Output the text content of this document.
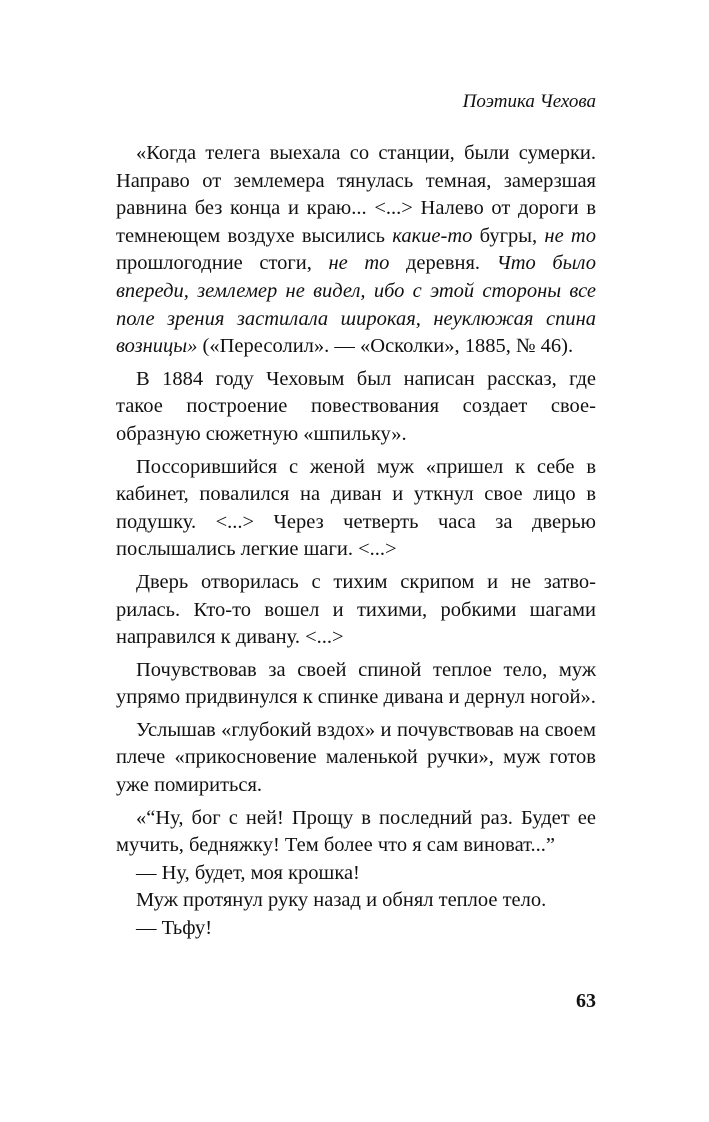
Поэтика Чехова

«Когда телега выехала со станции, были сумерки. Направо от землемера тянулась темная, замерзшая равнина без конца и краю... <...> Налево от дороги в темнеющем воздухе высились какие-то бугры, не то прошлогодние стоги, не то деревня. Что было впереди, землемер не видел, ибо с этой стороны все поле зрения застилала широкая, неуклюжая спина возницы» («Пересолил». — «Осколки», 1885, № 46).

В 1884 году Чеховым был написан рассказ, где такое построение повествования создает своеобразную сюжетную «шпильку».

Поссорившийся с женой муж «пришел к себе в кабинет, повалился на диван и уткнул свое лицо в подушку. <...> Через четверть часа за дверью послышались легкие шаги. <...>

Дверь отворилась с тихим скрипом и не затворилась. Кто-то вошел и тихими, робкими шагами направился к дивану. <...>

Почувствовав за своей спиной теплое тело, муж упрямо придвинулся к спинке дивана и дернул ногой».

Услышав «глубокий вздох» и почувствовав на своем плече «прикосновение маленькой ручки», муж готов уже помириться.

«“Ну, бог с ней! Прощу в последний раз. Будет ее мучить, бедняжку! Тем более что я сам виноват...”

— Ну, будет, моя крошка!

Муж протянул руку назад и обнял теплое тело.

— Тьфу!

63
